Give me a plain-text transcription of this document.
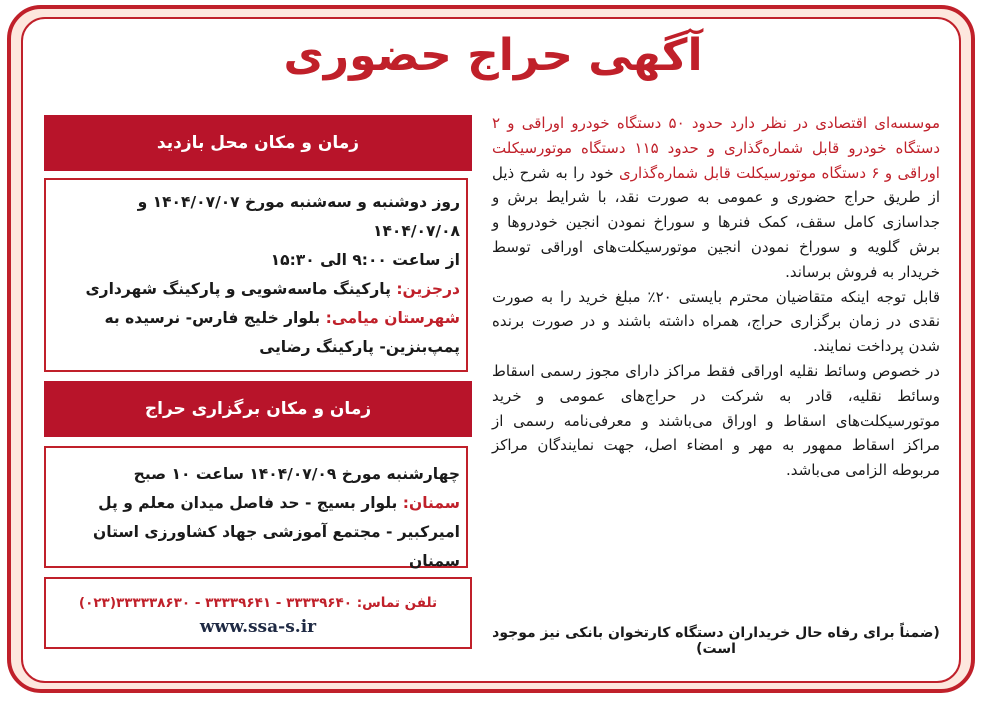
آگهی حراج حضوری
موسسه‌ای اقتصادی در نظر دارد حدود ۵۰ دستگاه خودرو اوراقی و ۲ دستگاه خودرو قابل شماره‌گذاری و حدود ۱۱۵ دستگاه موتورسیکلت اوراقی و ۶ دستگاه موتورسیکلت قابل شماره‌گذاری خود را به شرح ذیل از طریق حراج حضوری و عمومی به صورت نقد، با شرایط برش و جداسازی کامل سقف، کمک فنرها و سوراخ نمودن انجین خودروها و برش گلویه و سوراخ نمودن انجین موتورسیکلت‌های اوراقی توسط خریدار به فروش برساند.
قابل توجه اینکه متقاضیان محترم بایستی ۲۰٪ مبلغ خرید را به صورت نقدی در زمان برگزاری حراج، همراه داشته باشند و در صورت برنده شدن پرداخت نمایند.
در خصوص وسائط نقلیه اوراقی فقط مراکز دارای مجوز رسمی اسقاط وسائط نقلیه، قادر به شرکت در حراج‌های عمومی و خرید موتورسیکلت‌های اسقاط و اوراق می‌باشند و معرفی‌نامه رسمی از مراکز اسقاط ممهور به مهر و امضاء اصل، جهت نمایندگان مراکز مربوطه الزامی می‌باشد.
(ضمناً برای رفاه حال خریداران دستگاه کارتخوان بانکی نیز موجود است)
زمان و مکان محل بازدید
روز دوشنبه و سه‌شنبه مورخ ۱۴۰۴/۰۷/۰۷ و ۱۴۰۴/۰۷/۰۸
از ساعت ۹:۰۰ الی ۱۵:۳۰
درجزین: پارکینگ ماسه‌شویی و پارکینگ شهرداری
شهرستان میامی: بلوار خلیج فارس- نرسیده به پمپ‌بنزین- پارکینگ رضایی
زمان و مکان برگزاری حراج
چهارشنبه مورخ ۱۴۰۴/۰۷/۰۹ ساعت ۱۰ صبح
سمنان: بلوار بسیج - حد فاصل میدان معلم و پل امیرکبیر - مجتمع آموزشی جهاد کشاورزی استان سمنان
تلفن تماس: ۳۳۳۳۹۶۴۰ - ۳۳۳۳۹۶۴۱ - ۳۳۳۳۳۸۶۳۰(۰۲۳)
www.ssa-s.ir
